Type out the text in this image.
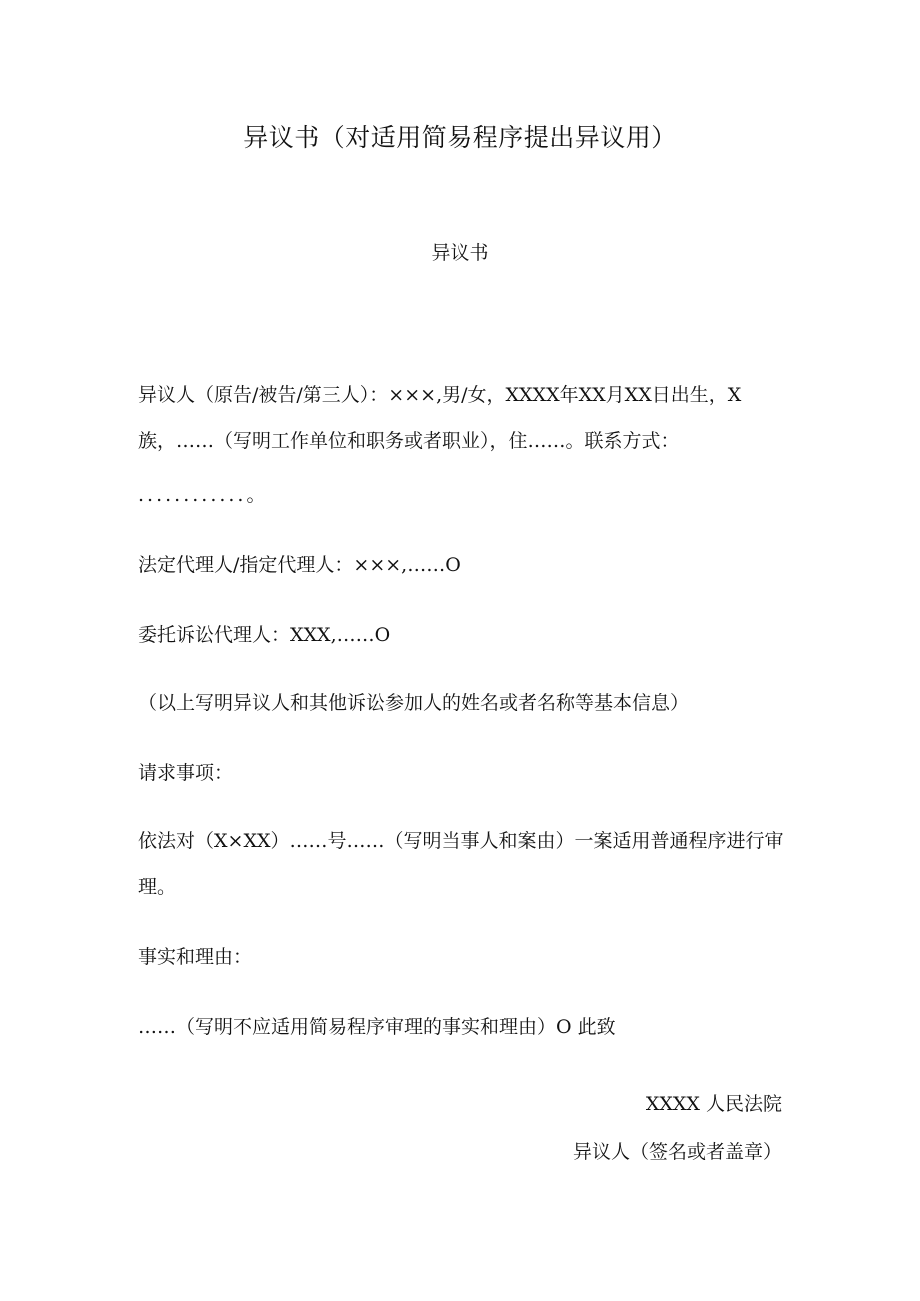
异议书（对适用简易程序提出异议用）
异议书

异议人（原告/被告/第三人）：×××,男/女，XXXX年XX月XX日出生，X族，……（写明工作单位和职务或者职业），住……。联系方式：

............。

法定代理人/指定代理人：×××,……O

委托诉讼代理人：XXX,……O

（以上写明异议人和其他诉讼参加人的姓名或者名称等基本信息）

请求事项：

依法对（X×XX）……号……（写明当事人和案由）一案适用普通程序进行审理。

事实和理由：

……（写明不应适用简易程序审理的事实和理由）O 此致

XXXX 人民法院
异议人（签名或者盖章）
